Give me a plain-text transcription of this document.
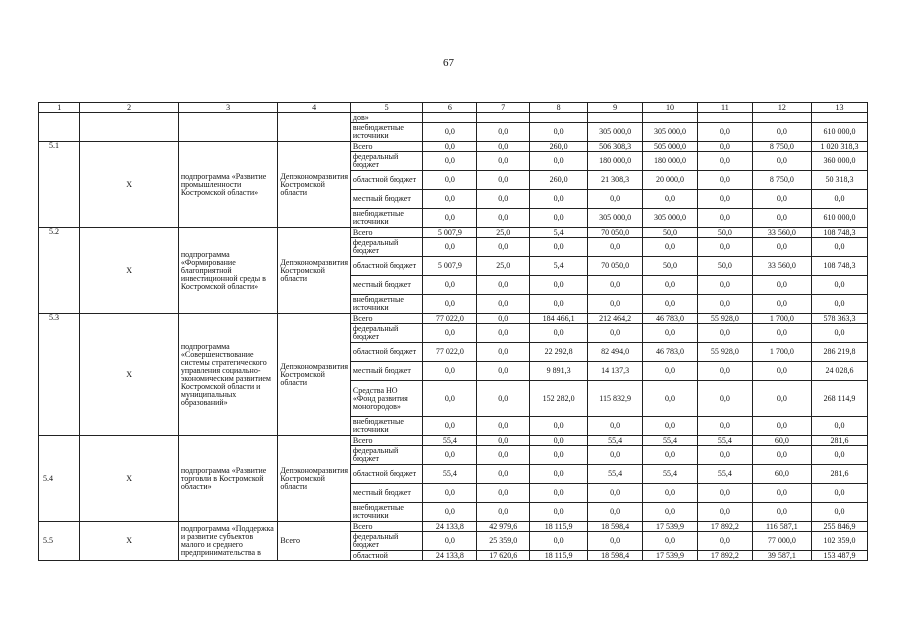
67
1	2	3	4	5	6	7	8	9	10	11	12	13
				дов»								
				внебюджетные источники	0,0	0,0	0,0	305 000,0	305 000,0	0,0	0,0	610 000,0
5.1	X	подпрограмма «Развитие промышленности Костромской области»	Депэкономразвития Костромской области	Всего	0,0	0,0	260,0	506 308,3	505 000,0	0,0	8 750,0	1 020 318,3
				федеральный бюджет	0,0	0,0	0,0	180 000,0	180 000,0	0,0	0,0	360 000,0
				областной бюджет	0,0	0,0	260,0	21 308,3	20 000,0	0,0	8 750,0	50 318,3
				местный бюджет	0,0	0,0	0,0	0,0	0,0	0,0	0,0	0,0
				внебюджетные источники	0,0	0,0	0,0	305 000,0	305 000,0	0,0	0,0	610 000,0
5.2	X	подпрограмма «Формирование благоприятной инвестиционной среды в Костромской области»	Депэкономразвития Костромской области	Всего	5 007,9	25,0	5,4	70 050,0	50,0	50,0	33 560,0	108 748,3
				федеральный бюджет	0,0	0,0	0,0	0,0	0,0	0,0	0,0	0,0
				областной бюджет	5 007,9	25,0	5,4	70 050,0	50,0	50,0	33 560,0	108 748,3
				местный бюджет	0,0	0,0	0,0	0,0	0,0	0,0	0,0	0,0
				внебюджетные источники	0,0	0,0	0,0	0,0	0,0	0,0	0,0	0,0
5.3	X	подпрограмма «Совершенствование системы стратегического управления социально-экономическим развитием Костромской области и муниципальных образований»	Депэкономразвития Костромской области	Всего	77 022,0	0,0	184 466,1	212 464,2	46 783,0	55 928,0	1 700,0	578 363,3
				федеральный бюджет	0,0	0,0	0,0	0,0	0,0	0,0	0,0	0,0
				областной бюджет	77 022,0	0,0	22 292,8	82 494,0	46 783,0	55 928,0	1 700,0	286 219,8
				местный бюджет	0,0	0,0	9 891,3	14 137,3	0,0	0,0	0,0	24 028,6
				Средства НО «Фонд развития моногородов»	0,0	0,0	152 282,0	115 832,9	0,0	0,0	0,0	268 114,9
				внебюджетные источники	0,0	0,0	0,0	0,0	0,0	0,0	0,0	0,0
5.4	X	подпрограмма «Развитие торговли в Костромской области»	Депэкономразвития Костромской области	Всего	55,4	0,0	0,0	55,4	55,4	55,4	60,0	281,6
				федеральный бюджет	0,0	0,0	0,0	0,0	0,0	0,0	0,0	0,0
				областной бюджет	55,4	0,0	0,0	55,4	55,4	55,4	60,0	281,6
				местный бюджет	0,0	0,0	0,0	0,0	0,0	0,0	0,0	0,0
				внебюджетные источники	0,0	0,0	0,0	0,0	0,0	0,0	0,0	0,0
5.5	X	подпрограмма «Поддержка и развитие субъектов малого и среднего предпринимательства в	Всего	Всего	24 133,8	42 979,6	18 115,9	18 598,4	17 539,9	17 892,2	116 587,1	255 846,9
				федеральный бюджет	0,0	25 359,0	0,0	0,0	0,0	0,0	77 000,0	102 359,0
				областной	24 133,8	17 620,6	18 115,9	18 598,4	17 539,9	17 892,2	39 587,1	153 487,9
